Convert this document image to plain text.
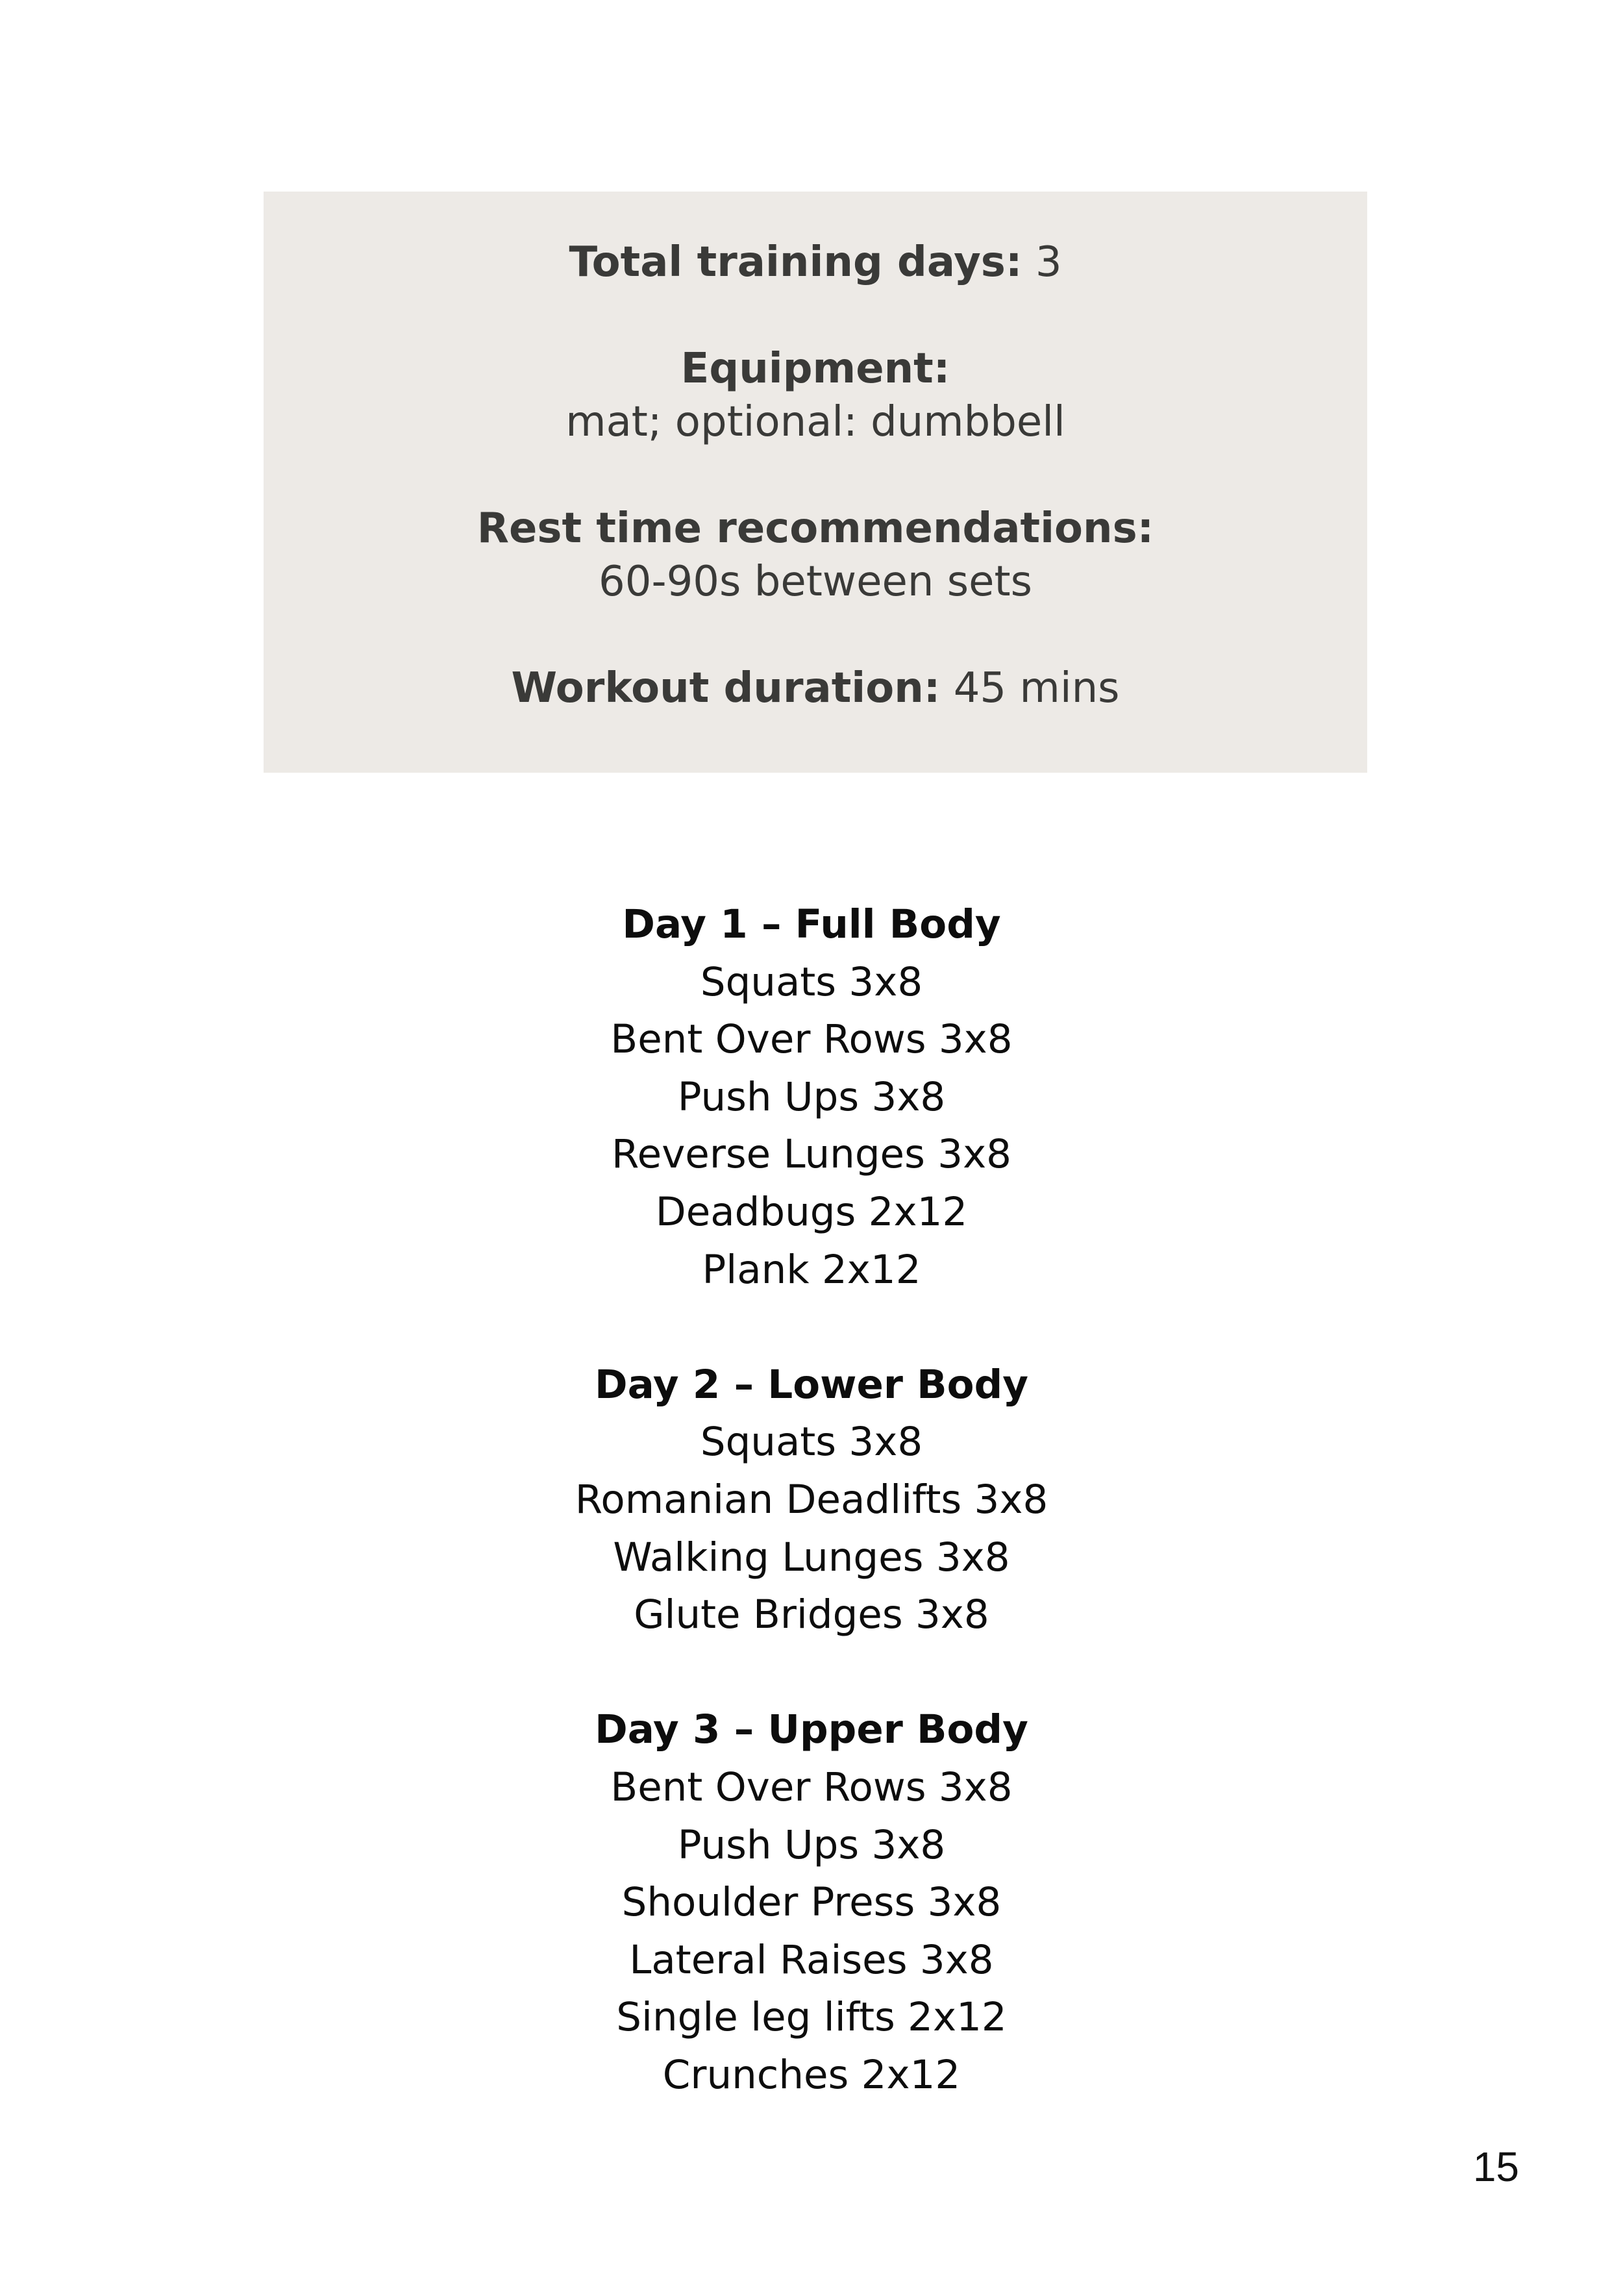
Total training days: 3
Equipment:
mat; optional: dumbbell
Rest time recommendations:
60-90s between sets
Workout duration: 45 mins
Day 1 – Full Body
Squats 3x8
Bent Over Rows 3x8
Push Ups 3x8
Reverse Lunges 3x8
Deadbugs 2x12
Plank 2x12
Day 2 – Lower Body
Squats 3x8
Romanian Deadlifts 3x8
Walking Lunges 3x8
Glute Bridges 3x8
Day 3 – Upper Body
Bent Over Rows 3x8
Push Ups 3x8
Shoulder Press 3x8
Lateral Raises 3x8
Single leg lifts 2x12
Crunches 2x12
15
